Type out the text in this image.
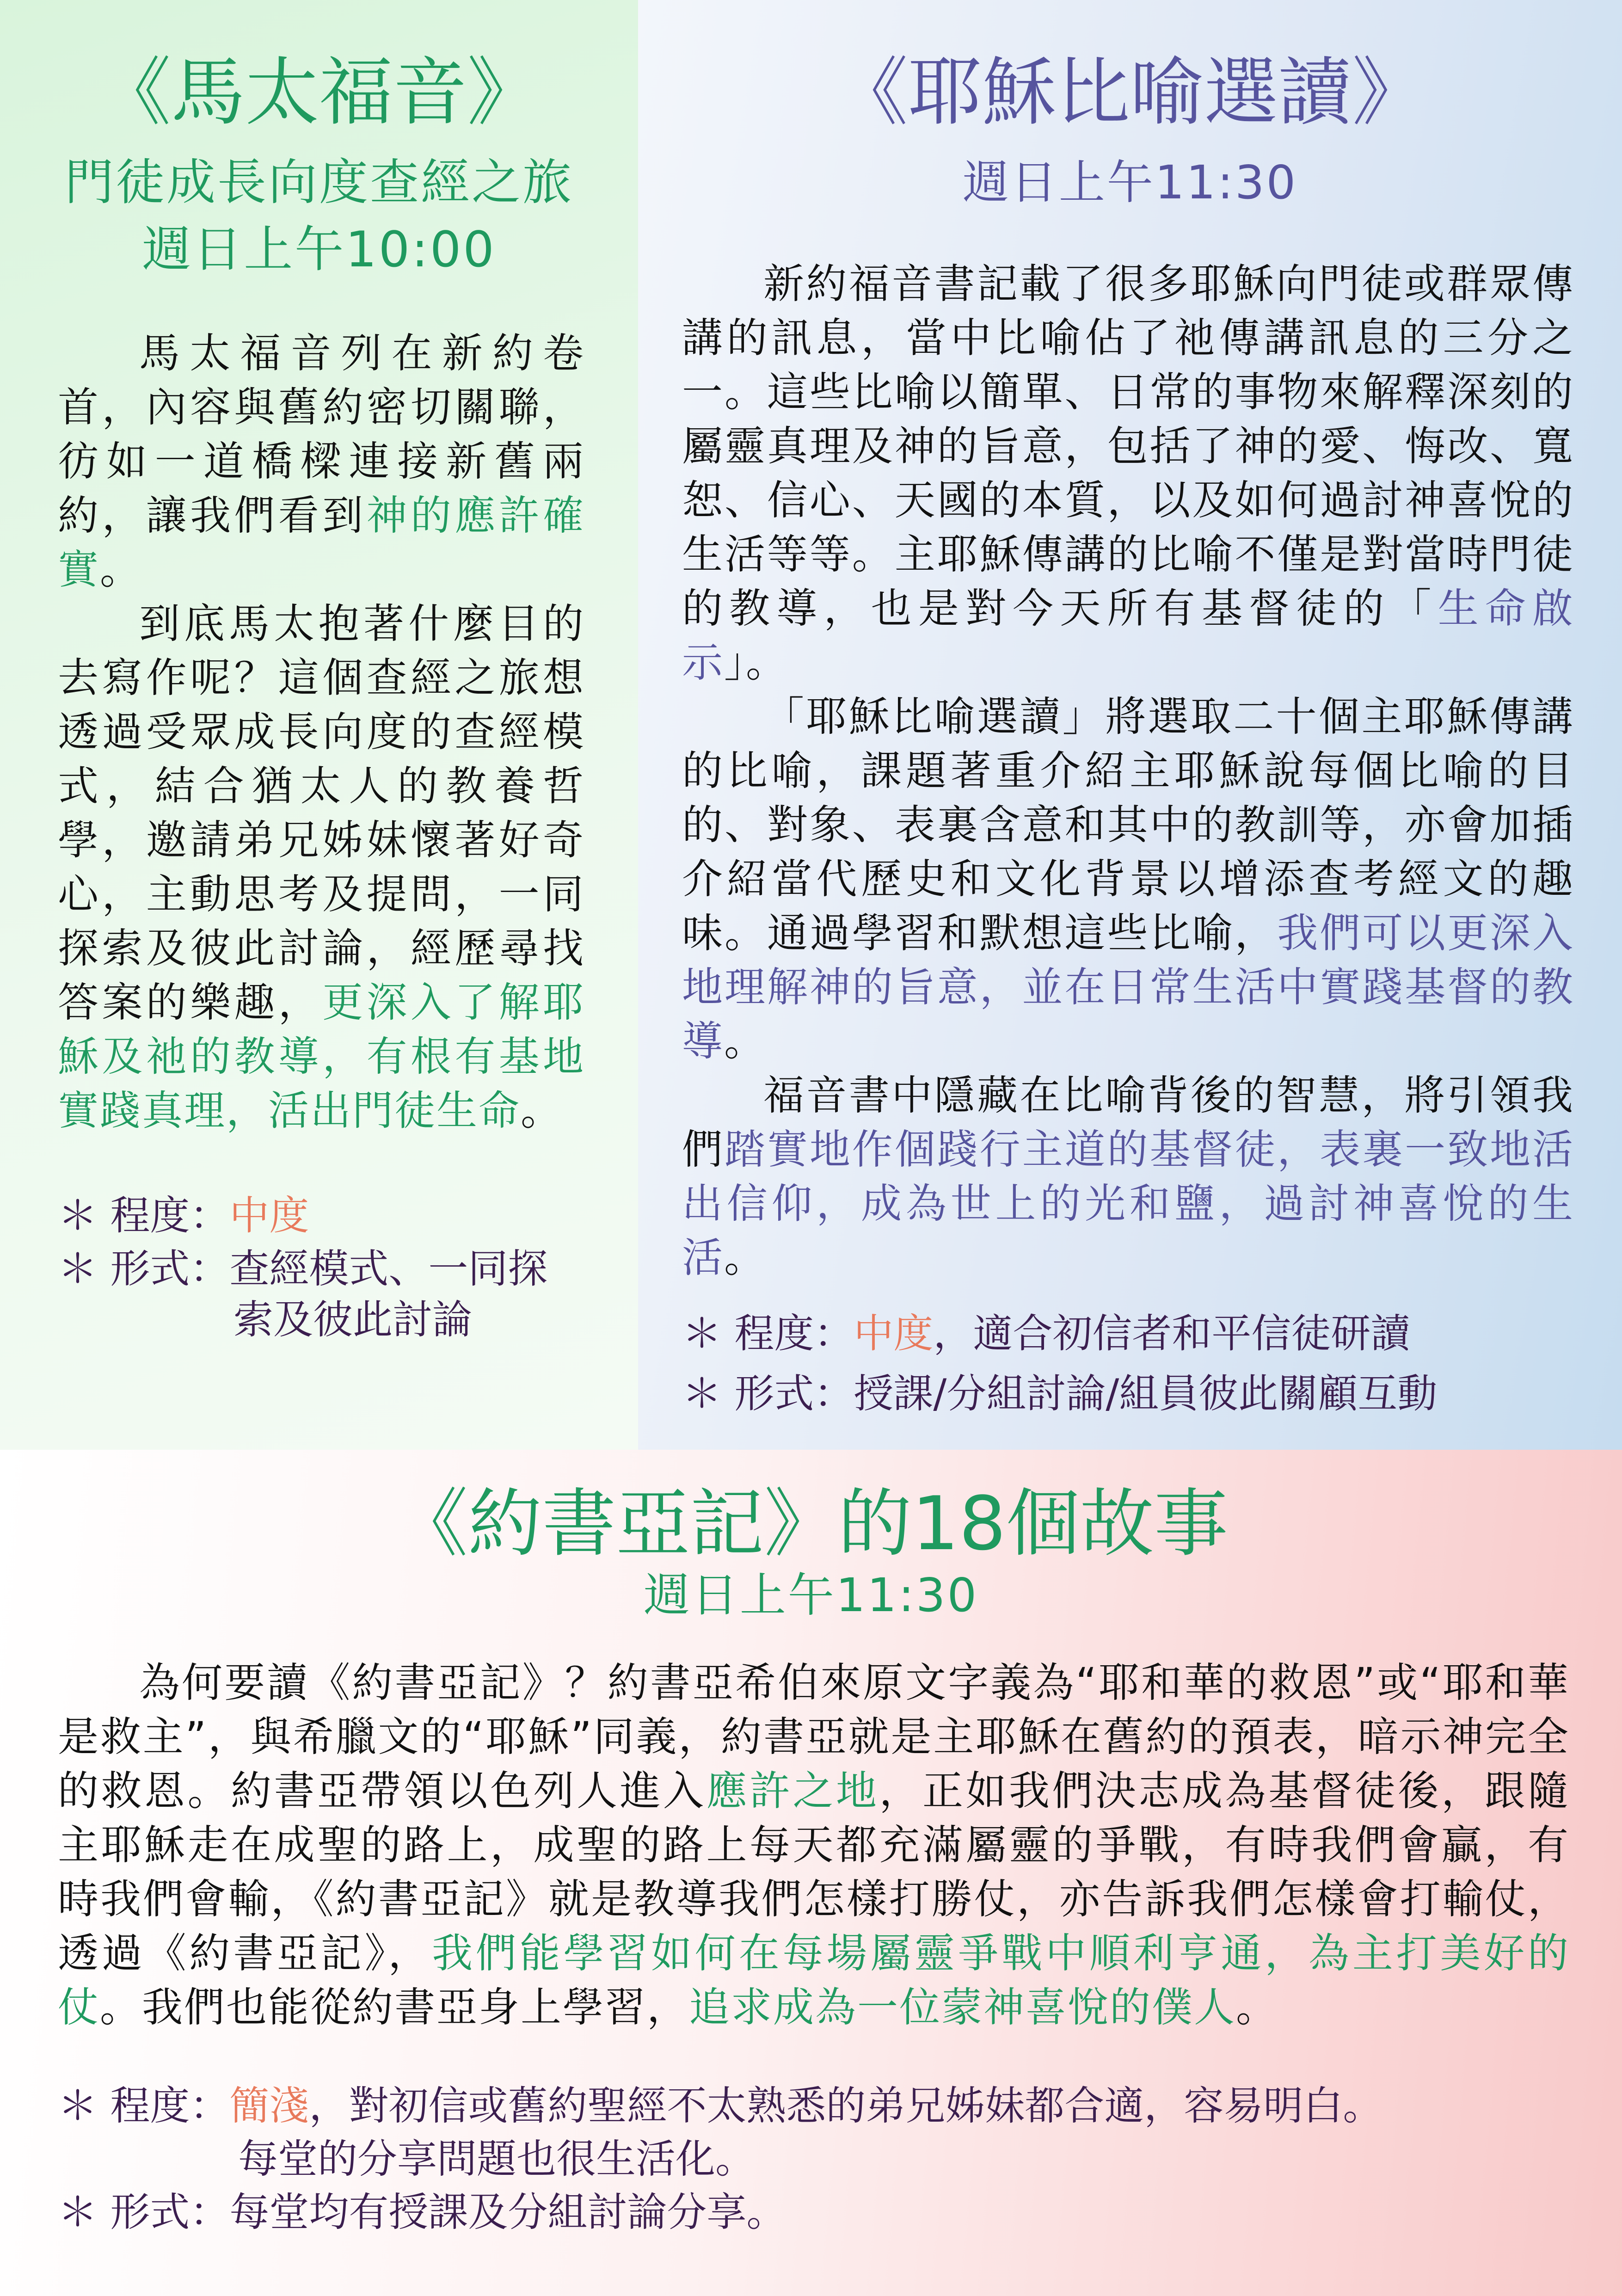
《馬太福音》
門徒成長向度查經之旅
週日上午10:00

馬太福音列在新約卷首，內容與舊約密切關聯，彷如一道橋樑連接新舊兩約，讓我們看到神的應許確實。

到底馬太抱著什麼目的去寫作呢？這個查經之旅想透過受眾成長向度的查經模式，結合猶太人的教養哲學，邀請弟兄姊妹懷著好奇心，主動思考及提問，一同探索及彼此討論，經歷尋找答案的樂趣，更深入了解耶穌及祂的教導，有根有基地實踐真理，活出門徒生命。

＊ 程度：中度
＊ 形式：查經模式、一同探
索及彼此討論
《耶穌比喻選讀》
週日上午11:30

新約福音書記載了很多耶穌向門徒或群眾傳講的訊息，當中比喻佔了祂傳講訊息的三分之一。這些比喻以簡單、日常的事物來解釋深刻的屬靈真理及神的旨意，包括了神的愛、悔改、寬恕、信心、天國的本質，以及如何過討神喜悅的生活等等。主耶穌傳講的比喻不僅是對當時門徒的教導，也是對今天所有基督徒的「生命啟示」。

「耶穌比喻選讀」將選取二十個主耶穌傳講的比喻，課題著重介紹主耶穌說每個比喻的目的、對象、表裏含意和其中的教訓等，亦會加插介紹當代歷史和文化背景以增添查考經文的趣味。通過學習和默想這些比喻，我們可以更深入地理解神的旨意，並在日常生活中實踐基督的教導。

福音書中隱藏在比喻背後的智慧，將引領我們踏實地作個踐行主道的基督徒，表裏一致地活出信仰，成為世上的光和鹽，過討神喜悅的生活。

＊ 程度：中度，適合初信者和平信徒研讀
＊ 形式：授課/分組討論/組員彼此關顧互動
《約書亞記》的18個故事
週日上午11:30

為何要讀《約書亞記》？約書亞希伯來原文字義為“耶和華的救恩”或“耶和華是救主”，與希臘文的“耶穌”同義，約書亞就是主耶穌在舊約的預表，暗示神完全的救恩。約書亞帶領以色列人進入應許之地，正如我們決志成為基督徒後，跟隨主耶穌走在成聖的路上，成聖的路上每天都充滿屬靈的爭戰，有時我們會贏，有時我們會輸，《約書亞記》就是教導我們怎樣打勝仗，亦告訴我們怎樣會打輸仗，透過《約書亞記》，我們能學習如何在每場屬靈爭戰中順利亨通，為主打美好的仗。我們也能從約書亞身上學習，追求成為一位蒙神喜悅的僕人。

＊ 程度：簡淺，對初信或舊約聖經不太熟悉的弟兄姊妹都合適，容易明白。
每堂的分享問題也很生活化。
＊ 形式：每堂均有授課及分組討論分享。
